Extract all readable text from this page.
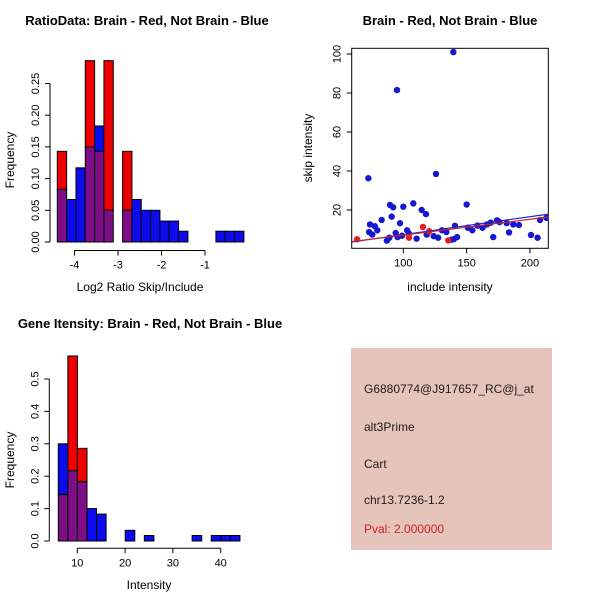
RatioData: Brain - Red, Not Brain - Blue
Log2 Ratio Skip/Include
Frequency
0.00
0.05
0.10
0.15
0.20
0.25
-4	-3	-2	-1
Brain - Red, Not Brain - Blue
include intensity
skip intensity
100	150	200
20
40
60
80
100
Gene Itensity: Brain - Red, Not Brain - Blue
Intensity
Frequency
0.0
0.1
0.2
0.3
0.4
0.5
10	20	30	40
G6880774@J917657_RC@j_at
alt3Prime
Cart
chr13.7236-1.2
Pval: 2.000000
